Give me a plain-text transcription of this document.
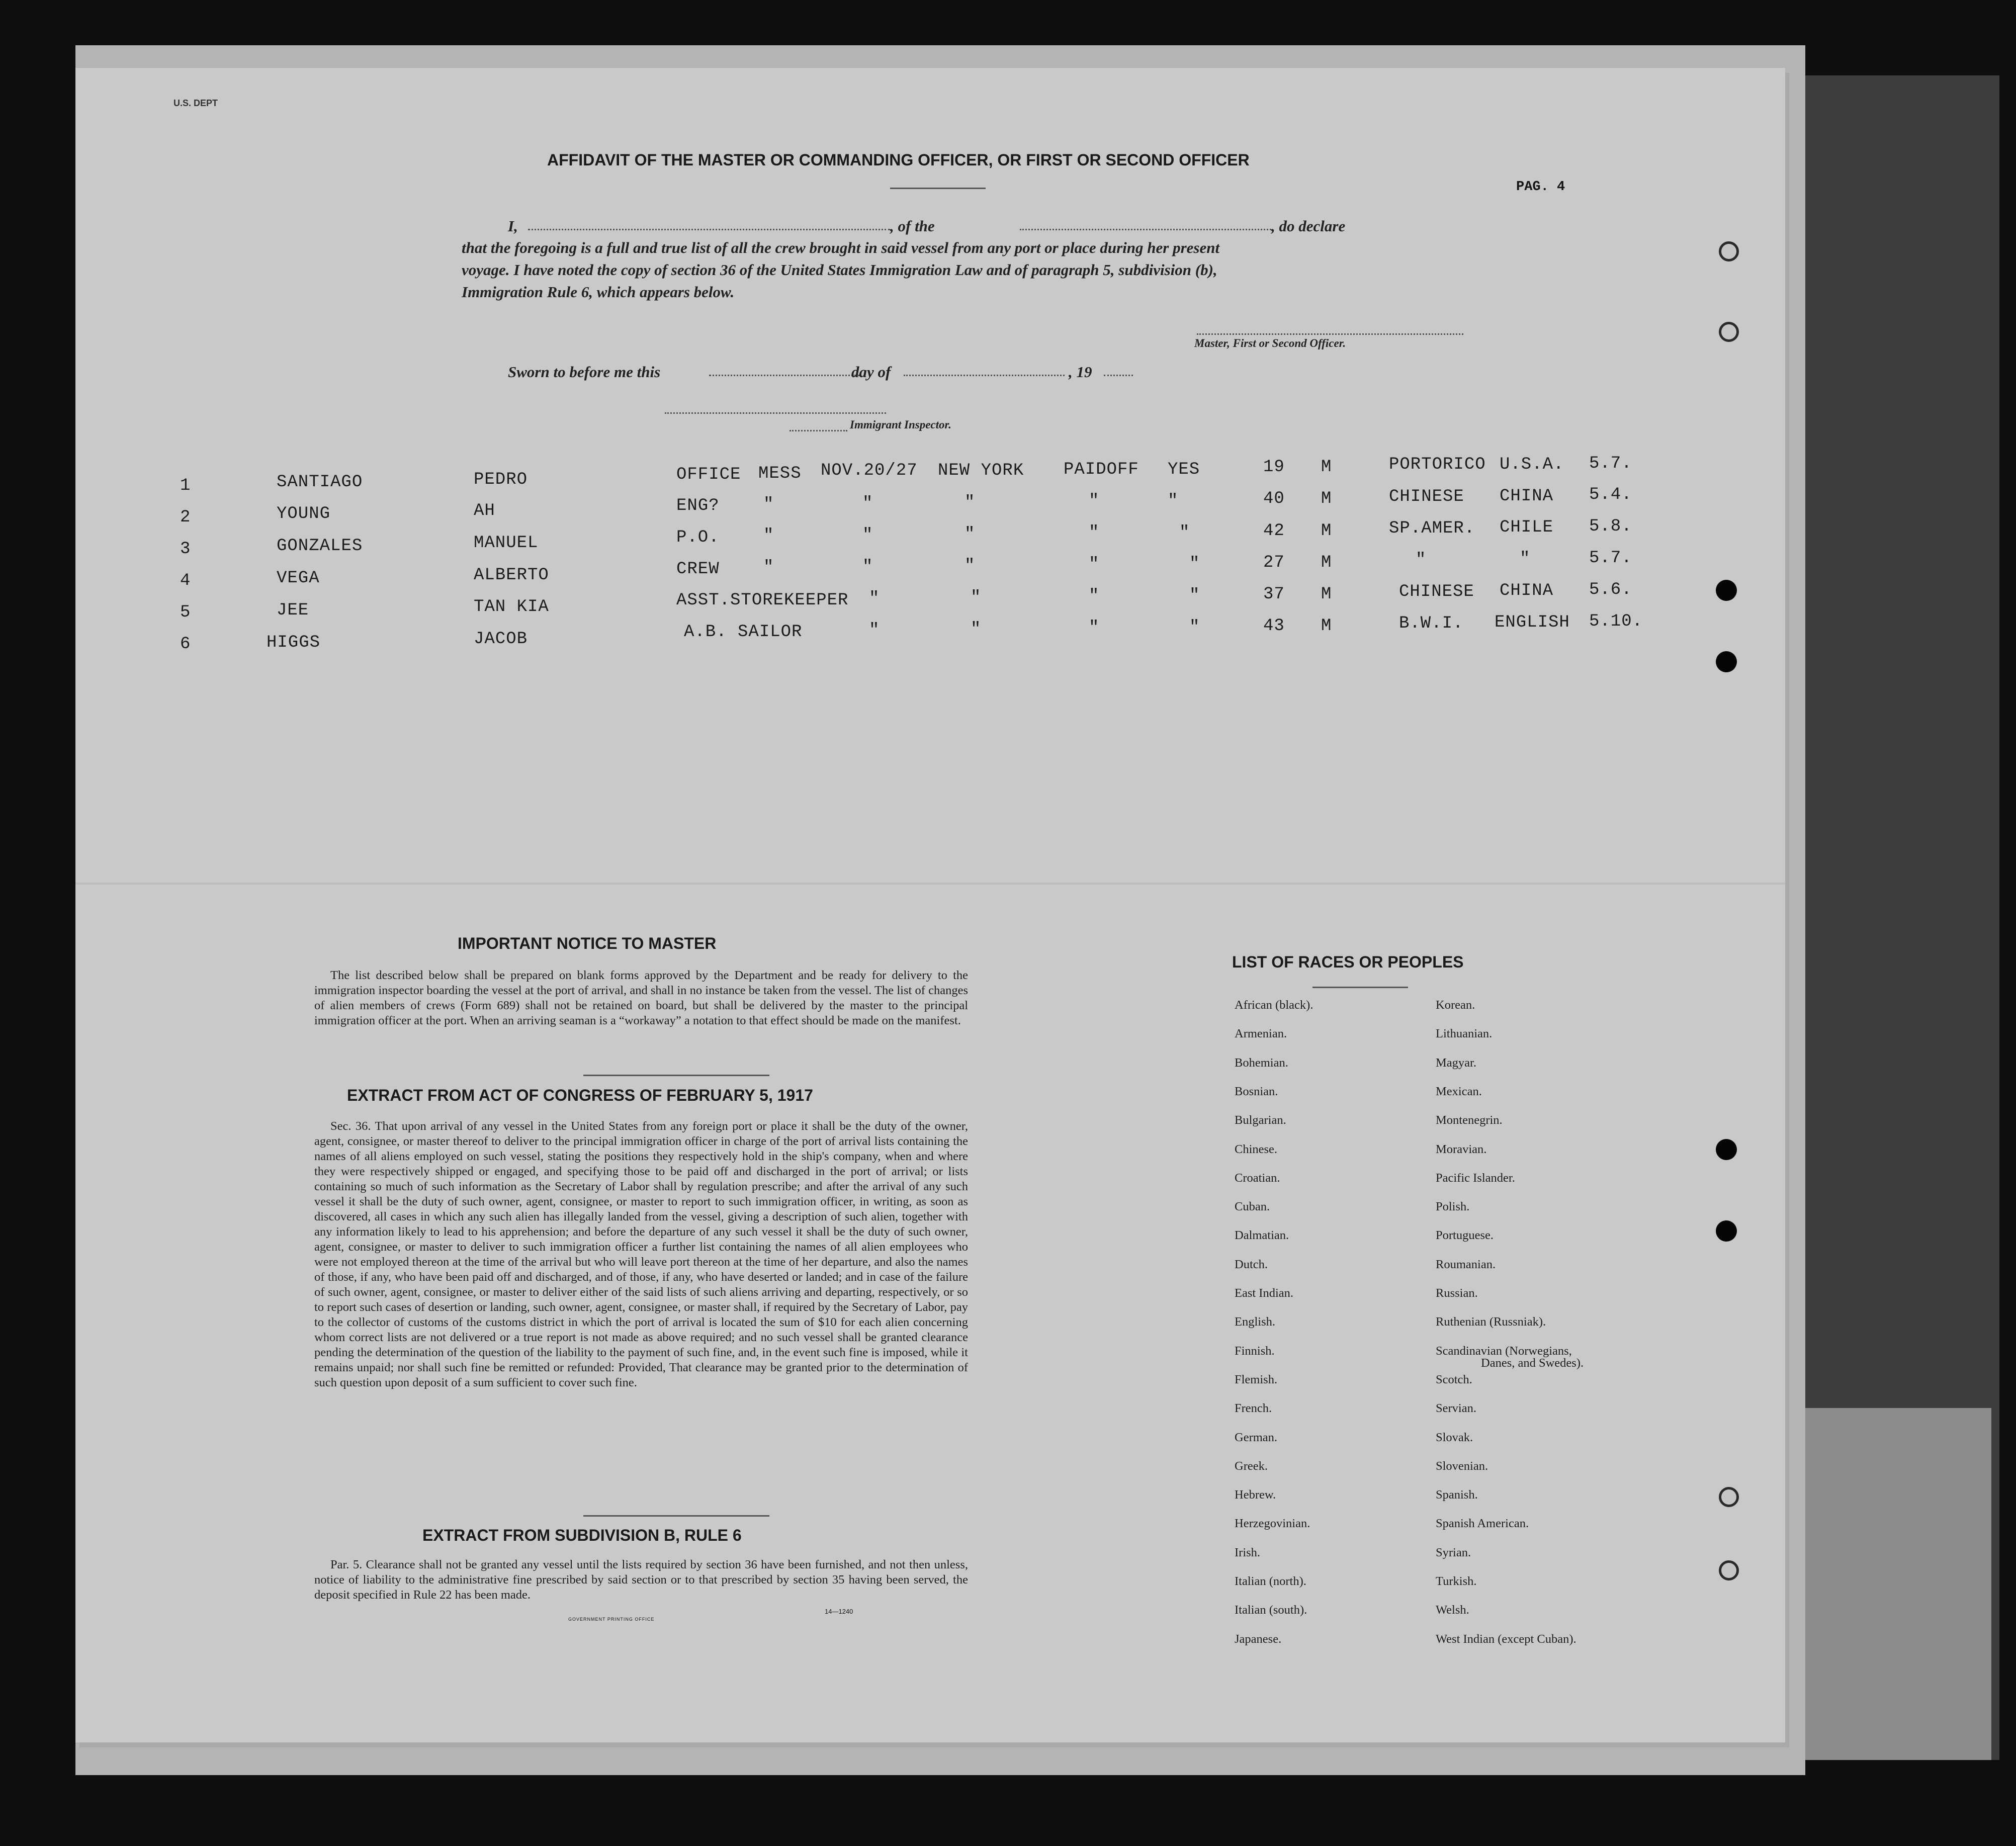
U.S. DEPT
AFFIDAVIT OF THE MASTER OR COMMANDING OFFICER, OR FIRST OR SECOND OFFICER
PAG. 4
I,	, of the	, do declare
that the foregoing is a full and true list of all the crew brought in said vessel from any port or place during her present
voyage. I have noted the copy of section 36 of the United States Immigration Law and of paragraph 5, subdivision (b),
Immigration Rule 6, which appears below.
Master, First or Second Officer.
Sworn to before me this	day of	, 19
Immigrant Inspector.
1	SANTIAGO	PEDRO	OFFICE MESS NOV.20/27 NEW YORK PAIDOFF YES	19 M	PORTORICO U.S.A. 5.7.
2	YOUNG	AH	ENG?	"	"	"	"	"	40 M	CHINESE CHINA 5.4.
3	GONZALES	MANUEL	P.O.	"	"	"	"	"	42 M	SP.AMER. CHILE 5.8.
4	VEGA	ALBERTO	CREW	"	"	"	"	"	27 M	"	"	5.7.
5	JEE	TAN KIA	ASST.STOREKEEPER "	"	"	"	37 M	CHINESE CHINA 5.6.
6	HIGGS	JACOB	A.B. SAILOR	"	"	"	"	43 M	B.W.I. ENGLISH 5.10.
IMPORTANT NOTICE TO MASTER
The list described below shall be prepared on blank forms approved by the Department and be ready for delivery to the immigration inspector boarding the vessel at the port of arrival, and shall in no instance be taken from the vessel. The list of changes of alien members of crews (Form 689) shall not be retained on board, but shall be delivered by the master to the principal immigration officer at the port. When an arriving seaman is a “workaway” a notation to that effect should be made on the manifest.
EXTRACT FROM ACT OF CONGRESS OF FEBRUARY 5, 1917
Sec. 36. That upon arrival of any vessel in the United States from any foreign port or place it shall be the duty of the owner, agent, consignee, or master thereof to deliver to the principal immigration officer in charge of the port of arrival lists containing the names of all aliens employed on such vessel, stating the positions they respectively hold in the ship's company, when and where they were respectively shipped or engaged, and specifying those to be paid off and discharged in the port of arrival; or lists containing so much of such information as the Secretary of Labor shall by regulation prescribe; and after the arrival of any such vessel it shall be the duty of such owner, agent, consignee, or master to report to such immigration officer, in writing, as soon as discovered, all cases in which any such alien has illegally landed from the vessel, giving a description of such alien, together with any information likely to lead to his apprehension; and before the departure of any such vessel it shall be the duty of such owner, agent, consignee, or master to deliver to such immigration officer a further list containing the names of all alien employees who were not employed thereon at the time of the arrival but who will leave port thereon at the time of her departure, and also the names of those, if any, who have been paid off and discharged, and of those, if any, who have deserted or landed; and in case of the failure of such owner, agent, consignee, or master to deliver either of the said lists of such aliens arriving and departing, respectively, or so to report such cases of desertion or landing, such owner, agent, consignee, or master shall, if required by the Secretary of Labor, pay to the collector of customs of the customs district in which the port of arrival is located the sum of $10 for each alien concerning whom correct lists are not delivered or a true report is not made as above required; and no such vessel shall be granted clearance pending the determination of the question of the liability to the payment of such fine, and, in the event such fine is imposed, while it remains unpaid; nor shall such fine be remitted or refunded: Provided, That clearance may be granted prior to the determination of such question upon deposit of a sum sufficient to cover such fine.
EXTRACT FROM SUBDIVISION B, RULE 6
Par. 5. Clearance shall not be granted any vessel until the lists required by section 36 have been furnished, and not then unless, notice of liability to the administrative fine prescribed by said section or to that prescribed by section 35 having been served, the deposit specified in Rule 22 has been made.
14—1240
GOVERNMENT PRINTING OFFICE
LIST OF RACES OR PEOPLES
African (black).
Armenian.
Bohemian.
Bosnian.
Bulgarian.
Chinese.
Croatian.
Cuban.
Dalmatian.
Dutch.
East Indian.
English.
Finnish.
Flemish.
French.
German.
Greek.
Hebrew.
Herzegovinian.
Irish.
Italian (north).
Italian (south).
Japanese.
Korean.
Lithuanian.
Magyar.
Mexican.
Montenegrin.
Moravian.
Pacific Islander.
Polish.
Portuguese.
Roumanian.
Russian.
Ruthenian (Russniak).
Scandinavian (Norwegians,
Scotch.
Servian.
Slovak.
Slovenian.
Spanish.
Spanish American.
Syrian.
Turkish.
Welsh.
West Indian (except Cuban).
Danes, and Swedes).
